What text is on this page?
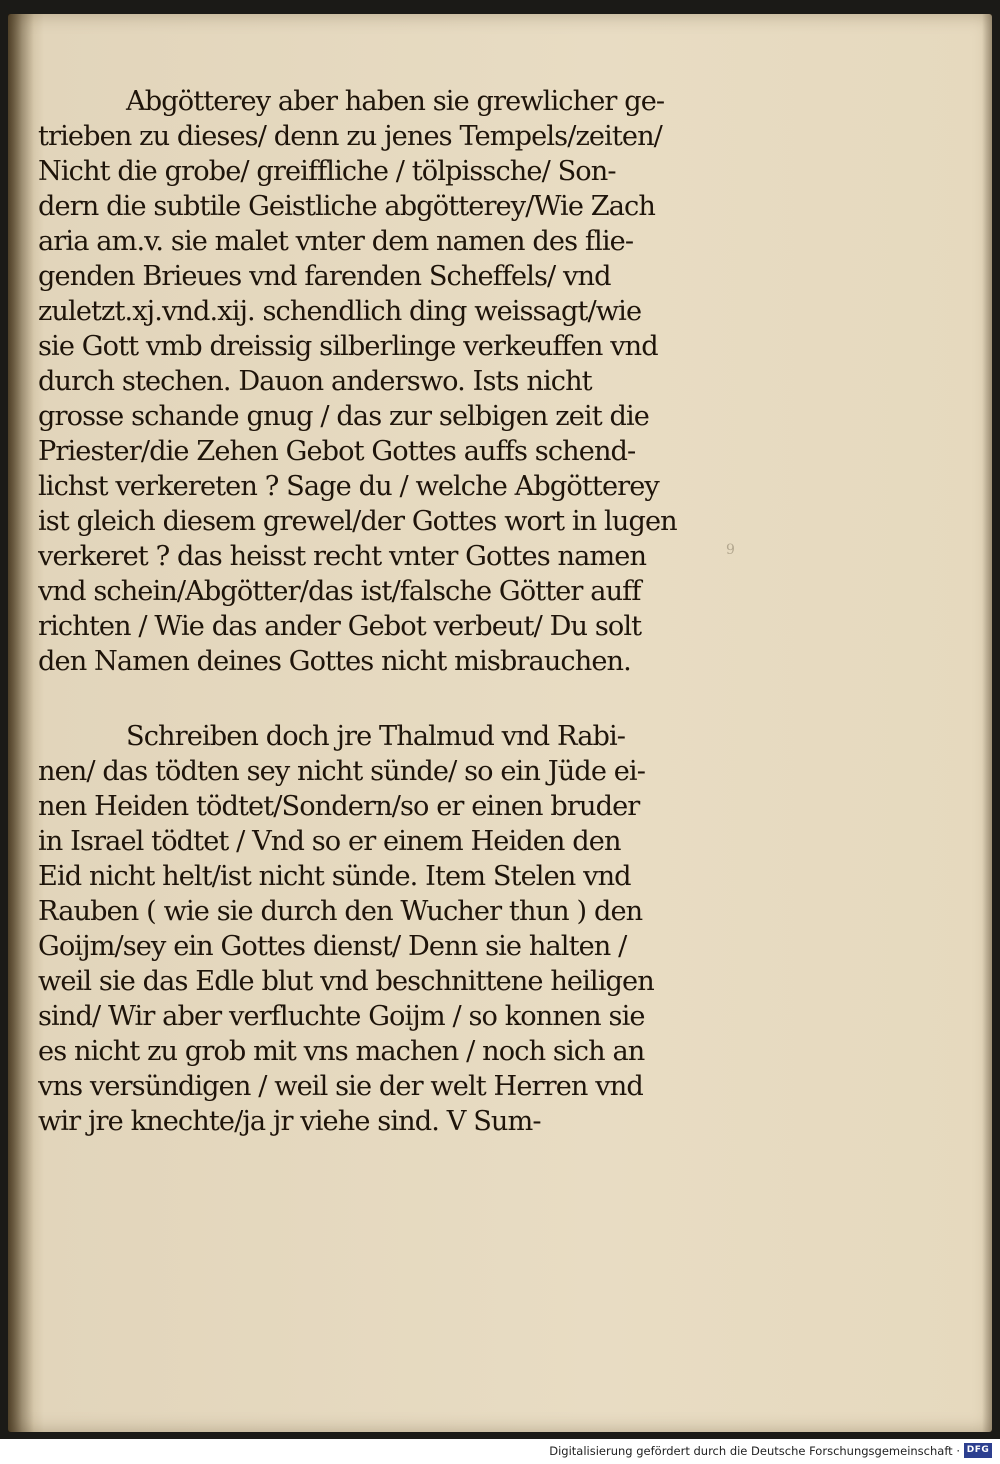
9
Abgötterey aber haben sie grewlicher ge-
trieben zu dieses/ denn zu jenes Tempels/zeiten/
Nicht die grobe/ greiffliche / tölpissche/ Son-
dern die subtile Geistliche abgötterey/Wie Zach
aria am.v. sie malet vnter dem namen des flie-
genden Brieues vnd farenden Scheffels/ vnd
zuletzt.xj.vnd.xij. schendlich ding weissagt/wie
sie Gott vmb dreissig silberlinge verkeuffen vnd
durch stechen. Dauon anderswo. Ists nicht
grosse schande gnug / das zur selbigen zeit die
Priester/die Zehen Gebot Gottes auffs schend-
lichst verkereten ? Sage du / welche Abgötterey
ist gleich diesem grewel/der Gottes wort in lugen
verkeret ? das heisst recht vnter Gottes namen
vnd schein/Abgötter/das ist/falsche Götter auff
richten / Wie das ander Gebot verbeut/ Du solt
den Namen deines Gottes nicht misbrauchen.
Schreiben doch jre Thalmud vnd Rabi-
nen/ das tödten sey nicht sünde/ so ein Jüde ei-
nen Heiden tödtet/Sondern/so er einen bruder
in Israel tödtet / Vnd so er einem Heiden den
Eid nicht helt/ist nicht sünde. Item Stelen vnd
Rauben ( wie sie durch den Wucher thun ) den
Goijm/sey ein Gottes dienst/ Denn sie halten /
weil sie das Edle blut vnd beschnittene heiligen
sind/ Wir aber verfluchte Goijm / so konnen sie
es nicht zu grob mit vns machen / noch sich an
vns versündigen / weil sie der welt Herren vnd
wir jre knechte/ja jr viehe sind. V Sum-
Digitalisierung gefördert durch die Deutsche Forschungsgemeinschaft · DFG
